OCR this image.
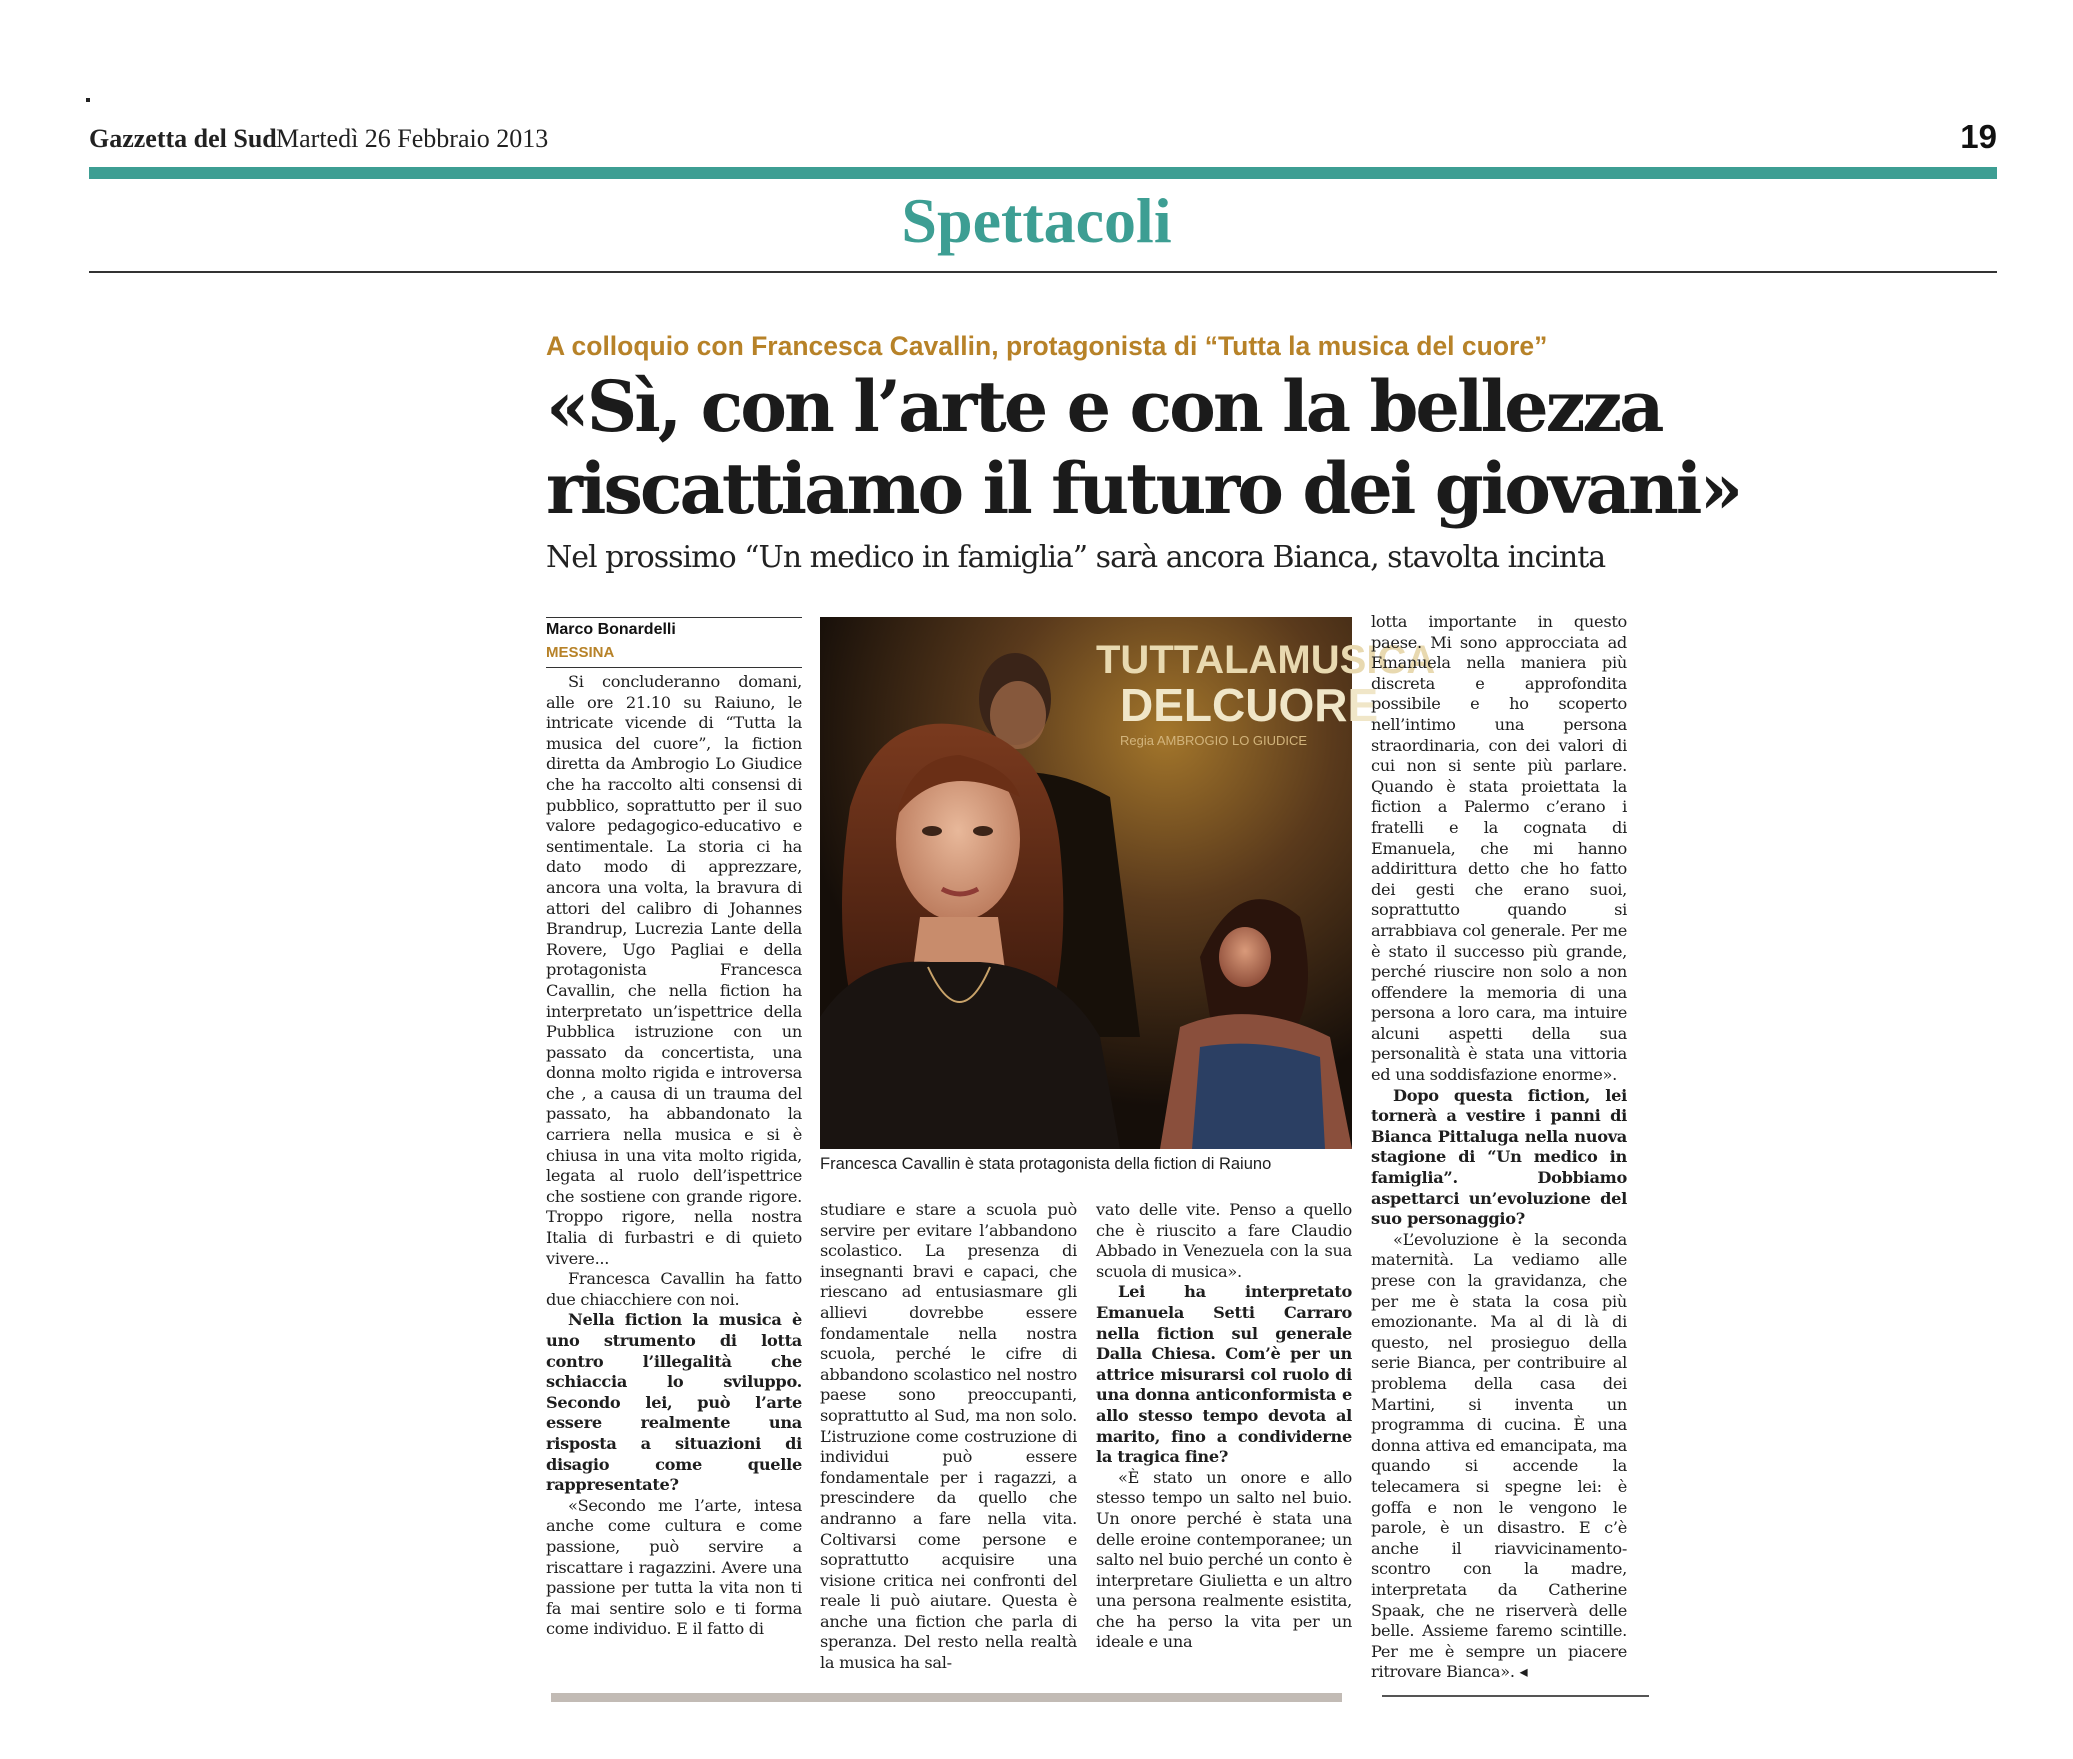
Gazzetta del Sud Martedì 26 Febbraio 2013	19
Spettacoli
A colloquio con Francesca Cavallin, protagonista di “Tutta la musica del cuore”
«Sì, con l’arte e con la bellezza
riscattiamo il futuro dei giovani»
Nel prossimo “Un medico in famiglia” sarà ancora Bianca, stavolta incinta
Marco Bonardelli
MESSINA

Si concluderanno domani, alle ore 21.10 su Raiuno, le intricate vicende di “Tutta la musica del cuore”, la fiction diretta da Ambrogio Lo Giudice che ha raccolto alti consensi di pubblico, soprattutto per il suo valore pedagogico-educativo e sentimentale. La storia ci ha dato modo di apprezzare, ancora una volta, la bravura di attori del calibro di Johannes Brandrup, Lucrezia Lante della Rovere, Ugo Pagliai e della protagonista Francesca Cavallin, che nella fiction ha interpretato un’ispettrice della Pubblica istruzione con un passato da concertista, una donna molto rigida e introversa che , a causa di un trauma del passato, ha abbandonato la carriera nella musica e si è chiusa in una vita molto rigida, legata al ruolo dell’ispettrice che sostiene con grande rigore. Troppo rigore, nella nostra Italia di furbastri e di quieto vivere...

Francesca Cavallin ha fatto due chiacchiere con noi.

Nella fiction la musica è uno strumento di lotta contro l’illegalità che schiaccia lo sviluppo. Secondo lei, può l’arte essere realmente una risposta a situazioni di disagio come quelle rappresentate?

«Secondo me l’arte, intesa anche come cultura e come passione, può servire a riscattare i ragazzini. Avere una passione per tutta la vita non ti fa mai sentire solo e ti forma come individuo. E il fatto di

TUTTALAMUSICA
DELCUORE
Regia AMBROGIO LO GIUDICE
Francesca Cavallin è stata protagonista della fiction di Raiuno

studiare e stare a scuola può servire per evitare l’abbandono scolastico. La presenza di insegnanti bravi e capaci, che riescano ad entusiasmare gli allievi dovrebbe essere fondamentale nella nostra scuola, perché le cifre di abbandono scolastico nel nostro paese sono preoccupanti, soprattutto al Sud, ma non solo. L’istruzione come costruzione di individui può essere fondamentale per i ragazzi, a prescindere da quello che andranno a fare nella vita. Coltivarsi come persone e soprattutto acquisire una visione critica nei confronti del reale li può aiutare. Questa è anche una fiction che parla di speranza. Del resto nella realtà la musica ha sal-

vato delle vite. Penso a quello che è riuscito a fare Claudio Abbado in Venezuela con la sua scuola di musica».

Lei ha interpretato Emanuela Setti Carraro nella fiction sul generale Dalla Chiesa. Com’è per un attrice misurarsi col ruolo di una donna anticonformista e allo stesso tempo devota al marito, fino a condividerne la tragica fine?

«È stato un onore e allo stesso tempo un salto nel buio. Un onore perché è stata una delle eroine contemporanee; un salto nel buio perché un conto è interpretare Giulietta e un altro una persona realmente esistita, che ha perso la vita per un ideale e una

lotta importante in questo paese. Mi sono approcciata ad Emanuela nella maniera più discreta e approfondita possibile e ho scoperto nell’intimo una persona straordinaria, con dei valori di cui non si sente più parlare. Quando è stata proiettata la fiction a Palermo c’erano i fratelli e la cognata di Emanuela, che mi hanno addirittura detto che ho fatto dei gesti che erano suoi, soprattutto quando si arrabbiava col generale. Per me è stato il successo più grande, perché riuscire non solo a non offendere la memoria di una persona a loro cara, ma intuire alcuni aspetti della sua personalità è stata una vittoria ed una soddisfazione enorme».

Dopo questa fiction, lei tornerà a vestire i panni di Bianca Pittaluga nella nuova stagione di “Un medico in famiglia”. Dobbiamo aspettarci un’evoluzione del suo personaggio?

«L’evoluzione è la seconda maternità. La vediamo alle prese con la gravidanza, che per me è stata la cosa più emozionante. Ma al di là di questo, nel prosieguo della serie Bianca, per contribuire al problema della casa dei Martini, si inventa un programma di cucina. È una donna attiva ed emancipata, ma quando si accende la telecamera si spegne lei: è goffa e non le vengono le parole, è un disastro. E c’è anche il riavvicinamento-scontro con la madre, interpretata da Catherine Spaak, che ne riserverà delle belle. Assieme faremo scintille. Per me è sempre un piacere ritrovare Bianca». ◂
